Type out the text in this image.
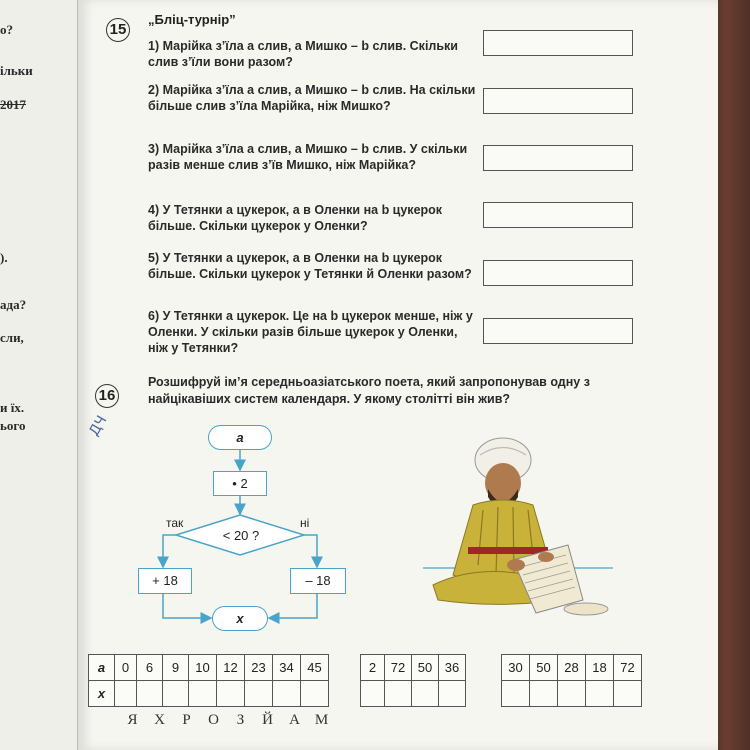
о?
ільки
2017
).
ада?
сли,
и їх.
ього
15
„Бліц-турнір”
1) Марійка з’їла a слив, а Мишко – b слив. Скільки слив з’їли вони разом?
2) Марійка з’їла a слив, а Мишко – b слив. На скільки більше слив з’їла Марійка, ніж Мишко?
3) Марійка з’їла a слив, а Мишко – b слив. У скільки разів менше слив з’їв Мишко, ніж Марійка?
4) У Тетянки a цукерок, а в Оленки на b цукерок більше. Скільки цукерок у Оленки?
5) У Тетянки a цукерок, а в Оленки на b цукерок більше. Скільки цукерок у Тетянки й Оленки разом?
6) У Тетянки a цукерок. Це на b цукерок менше, ніж у Оленки. У скільки разів більше цукерок у Оленки, ніж у Тетянки?
16
Розшифруй ім’я середньоазіатського поета, який запропонував одну з найцікавіших систем календаря. У якому столітті він жив?
ДЧ	a
• 2
так	ні
< 20 ?
+ 18	– 18
x
a	0	6	9	10	12	23	34	45
x								
2	72	50	36
				30	50	28	18	72

Я	Х	Р	О	З	Й	А М
